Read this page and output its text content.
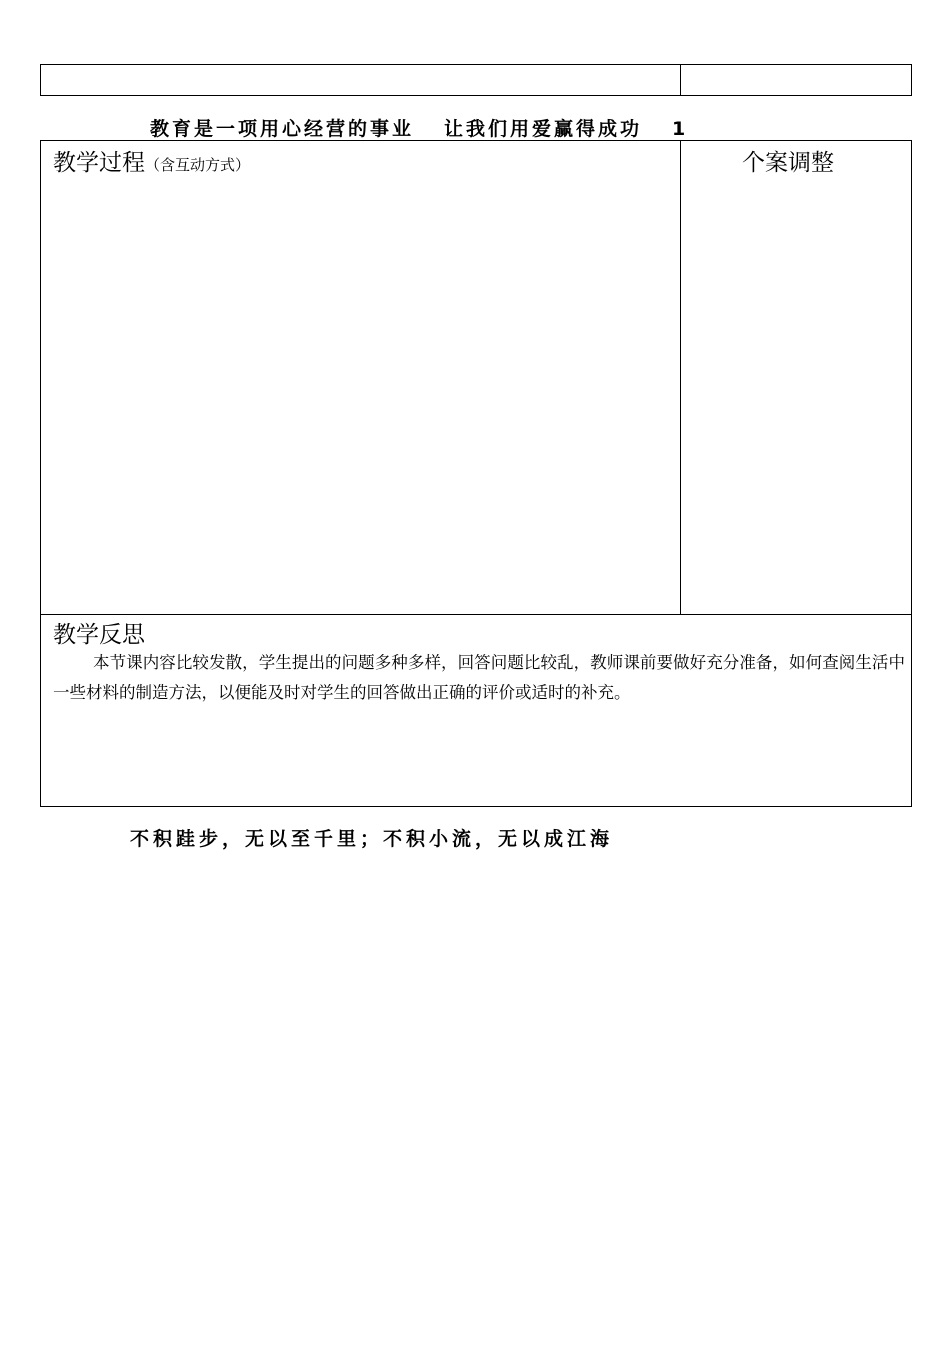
教育是一项用心经营的事业 让我们用爱赢得成功 1
教学过程（含互动方式）	个案调整
教学反思
本节课内容比较发散，学生提出的问题多种多样，回答问题比较乱，教师课前要做好充分准备，如何查阅生活中一些材料的制造方法，以便能及时对学生的回答做出正确的评价或适时的补充。
不积跬步，无以至千里；不积小流，无以成江海
